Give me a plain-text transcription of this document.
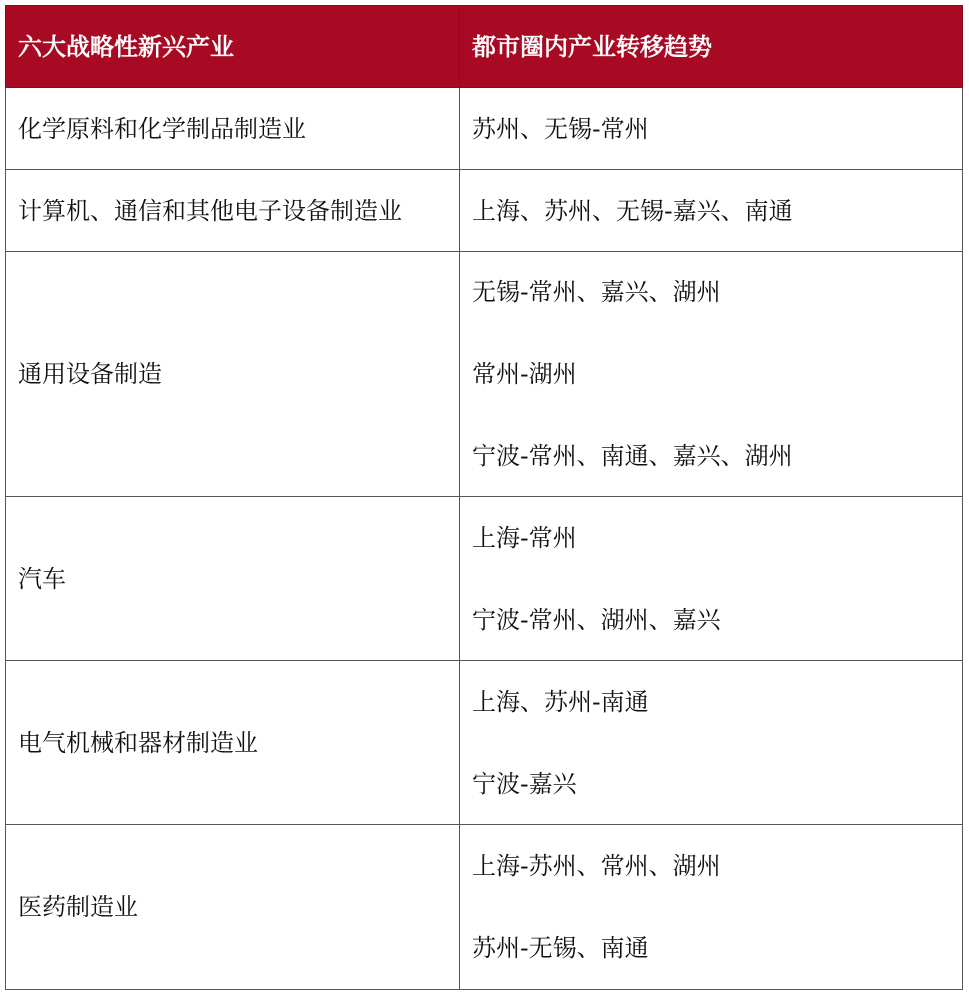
六大战略性新兴产业	都市圈内产业转移趋势
化学原料和化学制品制造业	苏州、无锡-常州

计算机、通信和其他电子设备制造业	上海、苏州、无锡-嘉兴、南通

通用设备制造	无锡-常州、嘉兴、湖州
常州-湖州
宁波-常州、南通、嘉兴、湖州

汽车	上海-常州
宁波-常州、湖州、嘉兴

电气机械和器材制造业	上海、苏州-南通
宁波-嘉兴

医药制造业	上海-苏州、常州、湖州
苏州-无锡、南通
